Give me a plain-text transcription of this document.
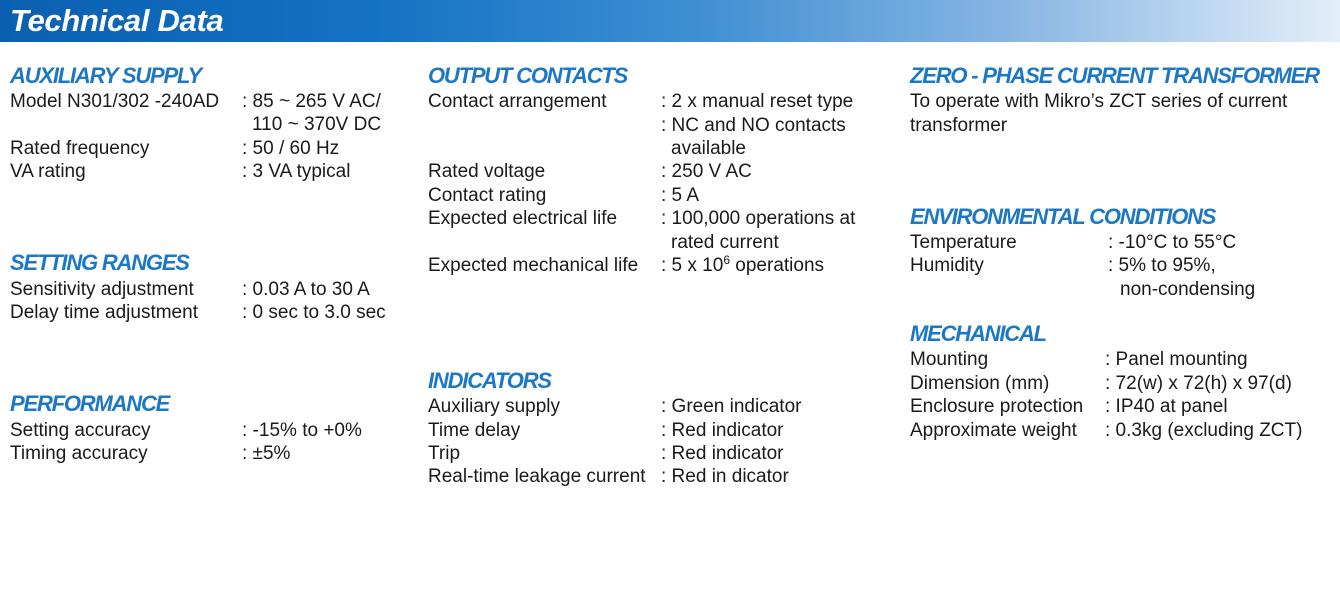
Technical Data
AUXILIARY SUPPLY
Model N301/302 -240AD : 85 ~ 265 V AC/
110 ~ 370V DC
Rated frequency	: 50 / 60 Hz
VA rating	: 3 VA typical
SETTING RANGES
Sensitivity adjustment	: 0.03 A to 30 A
Delay time adjustment : 0 sec to 3.0 sec
PERFORMANCE
Setting accuracy	: -15% to +0%
Timing accuracy	: ±5%
OUTPUT CONTACTS
Contact arrangement	: 2 x manual reset type
: NC and NO contacts
available
Rated voltage	: 250 V AC
Contact rating	: 5 A
Expected electrical life : 100,000 operations at
rated current
Expected mechanical life : 5 x $10^6$ operations
INDICATORS
Auxiliary supply	: Green indicator
Time delay	: Red indicator
Trip	: Red indicator
Real-time leakage current : Red in dicator
ZERO - PHASE CURRENT TRANSFORMER
To operate with Mikro’s ZCT series of current
transformer
ENVIRONMENTAL CONDITIONS
Temperature	: -10°C to 55°C
Humidity	: 5% to 95%,
non-condensing
MECHANICAL
Mounting	: Panel mounting
Dimension (mm)	: 72(w) x 72(h) x 97(d)
Enclosure protection : IP40 at panel
Approximate weight : 0.3kg (excluding ZCT)
